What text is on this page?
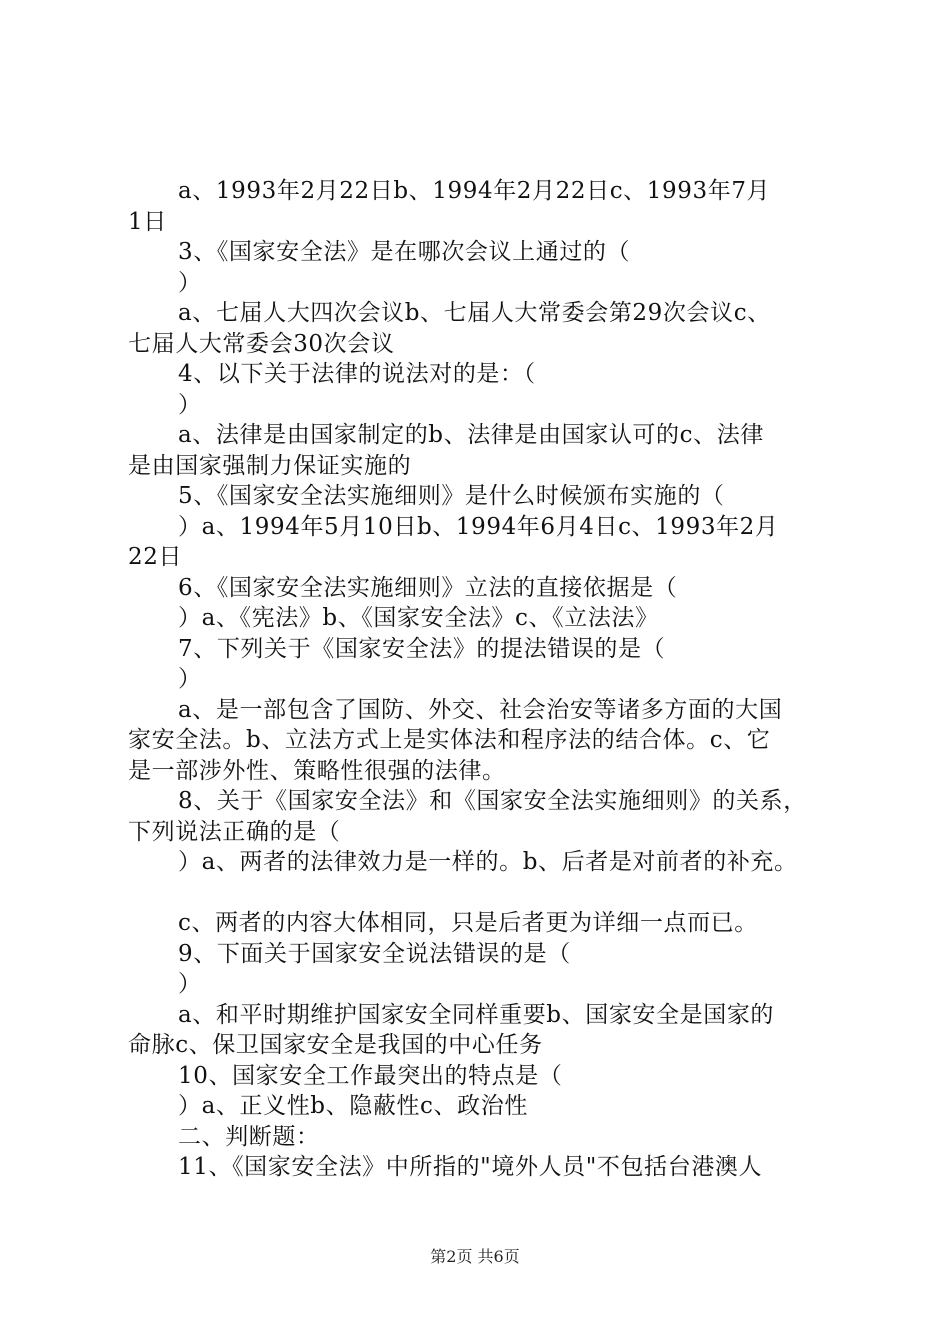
a、1993年2月22日b、1994年2月22日c、1993年7月
1日
3、《国家安全法》是在哪次会议上通过的（
）
a、七届人大四次会议b、七届人大常委会第29次会议c、
七届人大常委会30次会议
4、以下关于法律的说法对的是：（
）
a、法律是由国家制定的b、法律是由国家认可的c、法律
是由国家强制力保证实施的
5、《国家安全法实施细则》是什么时候颁布实施的（
）a、1994年5月10日b、1994年6月4日c、1993年2月
22日
6、《国家安全法实施细则》立法的直接依据是（
）a、《宪法》b、《国家安全法》c、《立法法》
7、下列关于《国家安全法》的提法错误的是（
）
a、是一部包含了国防、外交、社会治安等诸多方面的大国
家安全法。b、立法方式上是实体法和程序法的结合体。c、它
是一部涉外性、策略性很强的法律。
8、关于《国家安全法》和《国家安全法实施细则》的关系，
下列说法正确的是（
）a、两者的法律效力是一样的。b、后者是对前者的补充。
c、两者的内容大体相同，只是后者更为详细一点而已。
9、下面关于国家安全说法错误的是（
）
a、和平时期维护国家安全同样重要b、国家安全是国家的
命脉c、保卫国家安全是我国的中心任务
10、国家安全工作最突出的特点是（
）a、正义性b、隐蔽性c、政治性
二、判断题：
11、《国家安全法》中所指的"境外人员"不包括台港澳人
第2页 共6页
